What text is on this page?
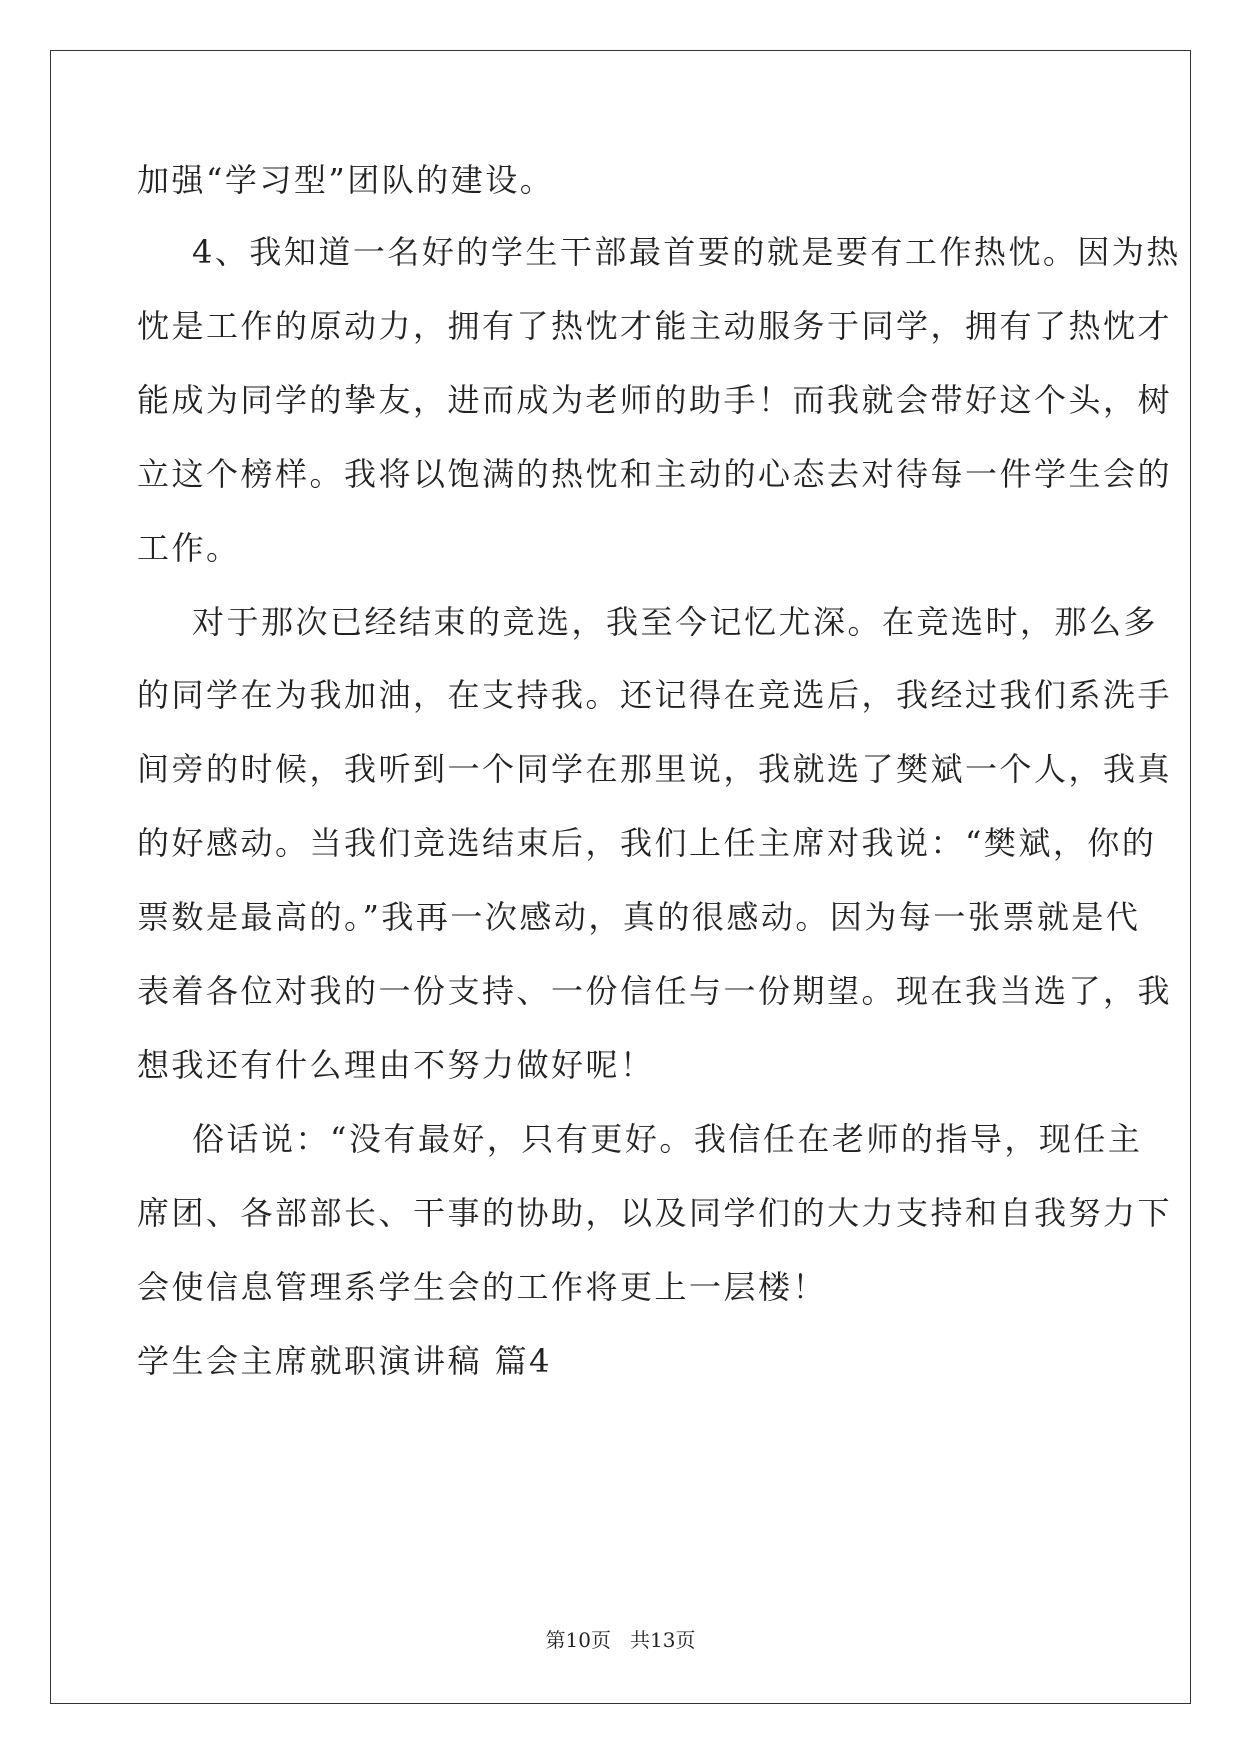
加强“学习型”团队的建设。
4、我知道一名好的学生干部最首要的就是要有工作热忱。因为热
忱是工作的原动力，拥有了热忱才能主动服务于同学，拥有了热忱才
能成为同学的挚友，进而成为老师的助手！而我就会带好这个头，树
立这个榜样。我将以饱满的热忱和主动的心态去对待每一件学生会的
工作。
对于那次已经结束的竞选，我至今记忆尤深。在竞选时，那么多
的同学在为我加油，在支持我。还记得在竞选后，我经过我们系洗手
间旁的时候，我听到一个同学在那里说，我就选了樊斌一个人，我真
的好感动。当我们竞选结束后，我们上任主席对我说：“樊斌，你的
票数是最高的。”我再一次感动，真的很感动。因为每一张票就是代
表着各位对我的一份支持、一份信任与一份期望。现在我当选了，我
想我还有什么理由不努力做好呢！
俗话说：“没有最好，只有更好。我信任在老师的指导，现任主
席团、各部部长、干事的协助，以及同学们的大力支持和自我努力下
会使信息管理系学生会的工作将更上一层楼！
学生会主席就职演讲稿 篇4
第10页 共13页
